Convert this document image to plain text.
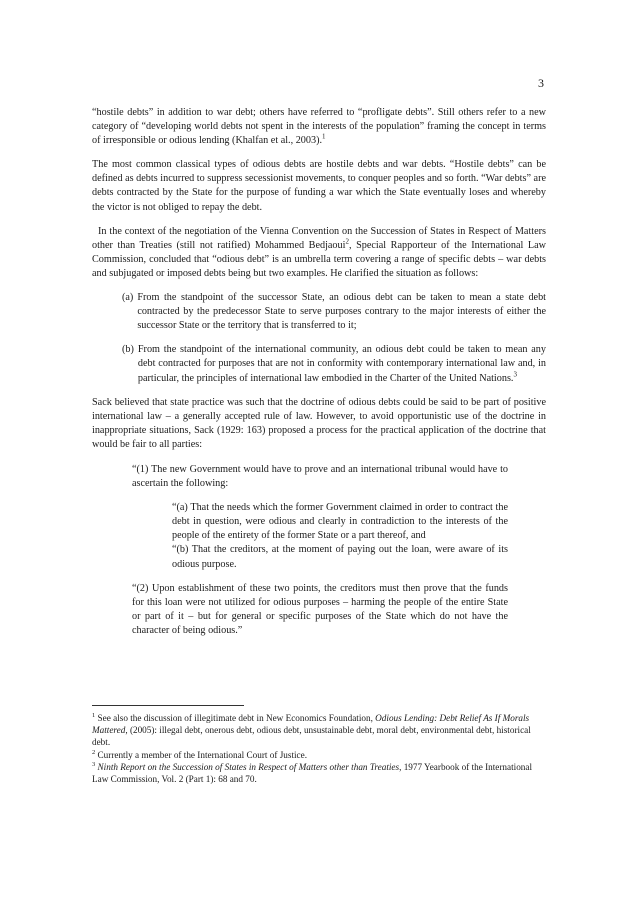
3

“hostile debts” in addition to war debt; others have referred to “profligate debts”. Still others refer to a new category of “developing world debts not spent in the interests of the population” framing the concept in terms of irresponsible or odious lending (Khalfan et al., 2003).$^1$

The most common classical types of odious debts are hostile debts and war debts. “Hostile debts” can be defined as debts incurred to suppress secessionist movements, to conquer peoples and so forth. “War debts” are debts contracted by the State for the purpose of funding a war which the State eventually loses and whereby the victor is not obliged to repay the debt.

In the context of the negotiation of the Vienna Convention on the Succession of States in Respect of Matters other than Treaties (still not ratified) Mohammed Bedjaoui$^2$, Special Rapporteur of the International Law Commission, concluded that “odious debt” is an umbrella term covering a range of specific debts – war debts and subjugated or imposed debts being but two examples. He clarified the situation as follows:

(a) From the standpoint of the successor State, an odious debt can be taken to mean a state debt contracted by the predecessor State to serve purposes contrary to the major interests of either the successor State or the territory that is transferred to it;
(b) From the standpoint of the international community, an odious debt could be taken to mean any debt contracted for purposes that are not in conformity with contemporary international law and, in particular, the principles of international law embodied in the Charter of the United Nations.$^3$

Sack believed that state practice was such that the doctrine of odious debts could be said to be part of positive international law – a generally accepted rule of law. However, to avoid opportunistic use of the doctrine in inappropriate situations, Sack (1929: 163) proposed a process for the practical application of the doctrine that would be fair to all parties:

“(1) The new Government would have to prove and an international tribunal would have to ascertain the following:

“(a) That the needs which the former Government claimed in order to contract the debt in question, were odious and clearly in contradiction to the interests of the people of the entirety of the former State or a part thereof, and

“(b) That the creditors, at the moment of paying out the loan, were aware of its odious purpose.

“(2) Upon establishment of these two points, the creditors must then prove that the funds for this loan were not utilized for odious purposes – harming the people of the entire State or part of it – but for general or specific purposes of the State which do not have the character of being odious.”

$^1$ See also the discussion of illegitimate debt in New Economics Foundation, Odious Lending: Debt Relief As If Morals Mattered, (2005): illegal debt, onerous debt, odious debt, unsustainable debt, moral debt, environmental debt, historical debt.

$^2$ Currently a member of the International Court of Justice.

$^3$ Ninth Report on the Succession of States in Respect of Matters other than Treaties, 1977 Yearbook of the International Law Commission, Vol. 2 (Part 1): 68 and 70.
